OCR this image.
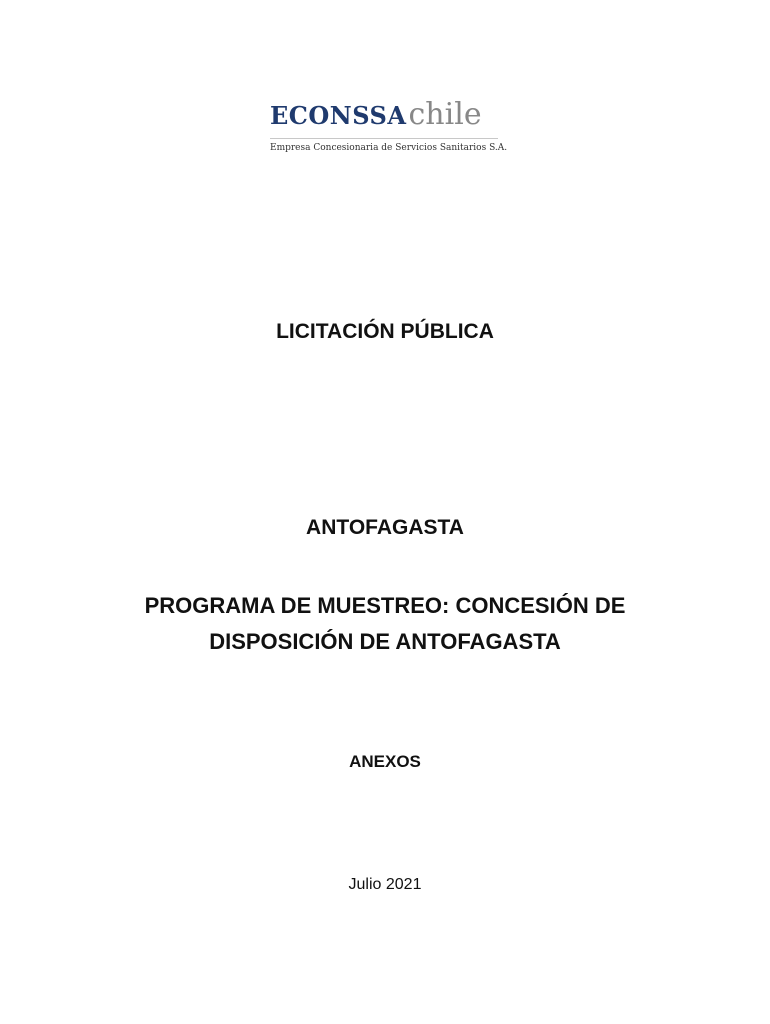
ECONSSAchile
Empresa Concesionaria de Servicios Sanitarios S.A.
LICITACIÓN PÚBLICA
ANTOFAGASTA
PROGRAMA DE MUESTREO: CONCESIÓN DE
DISPOSICIÓN DE ANTOFAGASTA
ANEXOS
Julio 2021
